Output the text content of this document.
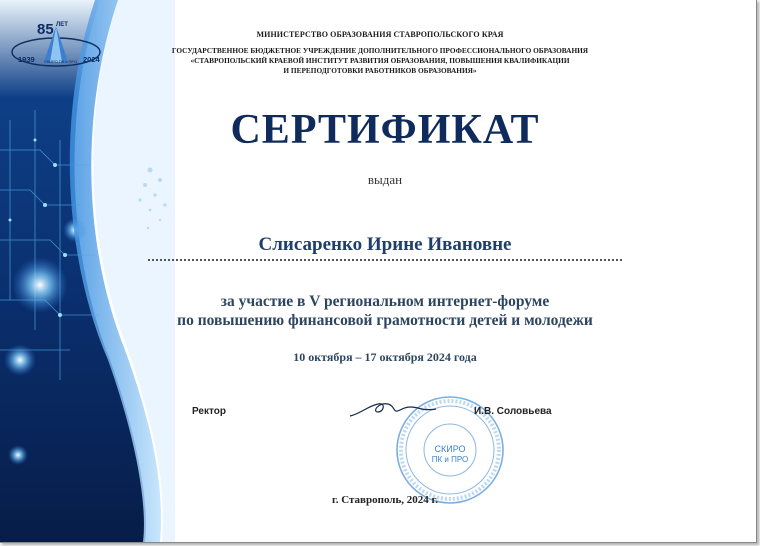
85 ЛЕТ
1939	2024
СКИРО ПК и ПРО
МИНИСТЕРСТВО ОБРАЗОВАНИЯ СТАВРОПОЛЬСКОГО КРАЯ
ГОСУДАРСТВЕННОЕ БЮДЖЕТНОЕ УЧРЕЖДЕНИЕ ДОПОЛНИТЕЛЬНОГО ПРОФЕССИОНАЛЬНОГО ОБРАЗОВАНИЯ
«СТАВРОПОЛЬСКИЙ КРАЕВОЙ ИНСТИТУТ РАЗВИТИЯ ОБРАЗОВАНИЯ, ПОВЫШЕНИЯ КВАЛИФИКАЦИИ
И ПЕРЕПОДГОТОВКИ РАБОТНИКОВ ОБРАЗОВАНИЯ»
СЕРТИФИКАТ
выдан
Слисаренко Ирине Ивановне
за участие в V региональном интернет-форуме
по повышению финансовой грамотности детей и молодежи
10 октября – 17 октября 2024 года
Ректор
СКИРО
ПК и ПРО
И.В. Соловьева
г. Ставрополь, 2024 г.
